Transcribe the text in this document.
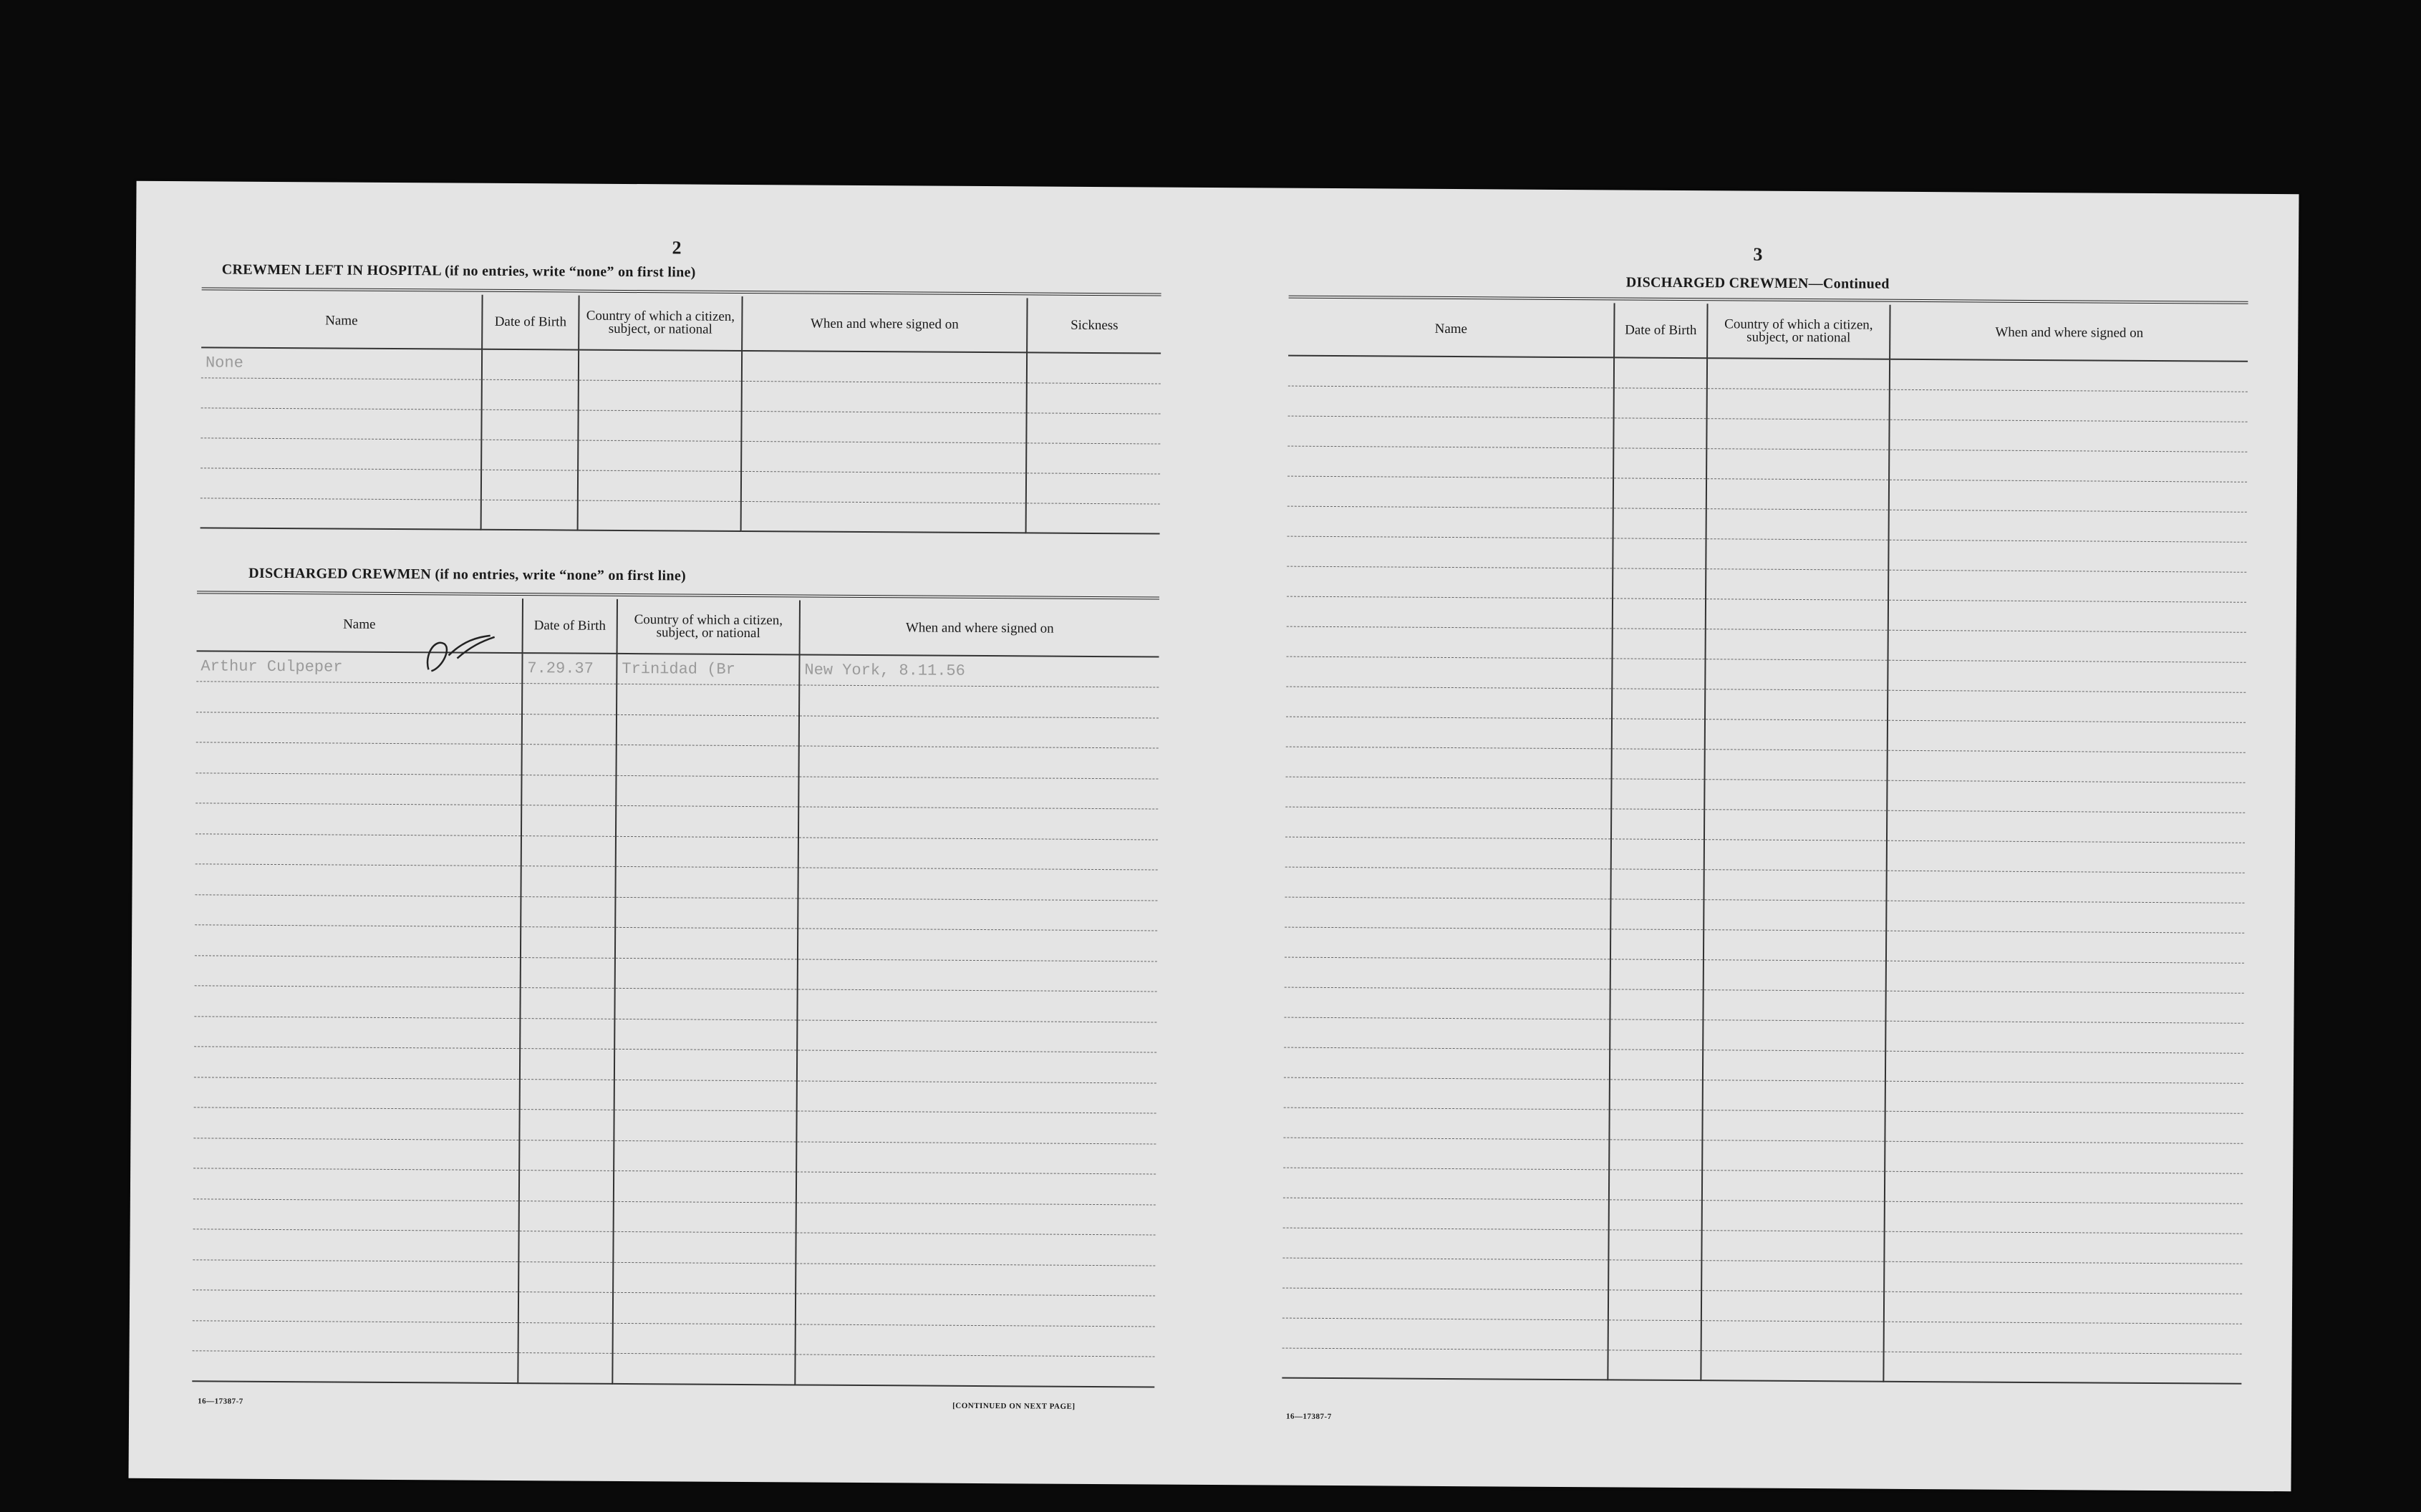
2
CREWMEN LEFT IN HOSPITAL (if no entries, write “none” on first line)
Name	Date of Birth	Country of which a citizen, subject, or national	When and where signed on	Sickness
None				

DISCHARGED CREWMEN (if no entries, write “none” on first line)
Name	Date of Birth	Country of which a citizen, subject, or national	When and where signed on
Arthur Culpeper	7.29.37	Trinidad (Br	New York, 8.11.56

16—17387-7
[CONTINUED ON NEXT PAGE]
3
DISCHARGED CREWMEN—Continued
Name	Date of Birth	Country of which a citizen, subject, or national	When and where signed on

16—17387-7
